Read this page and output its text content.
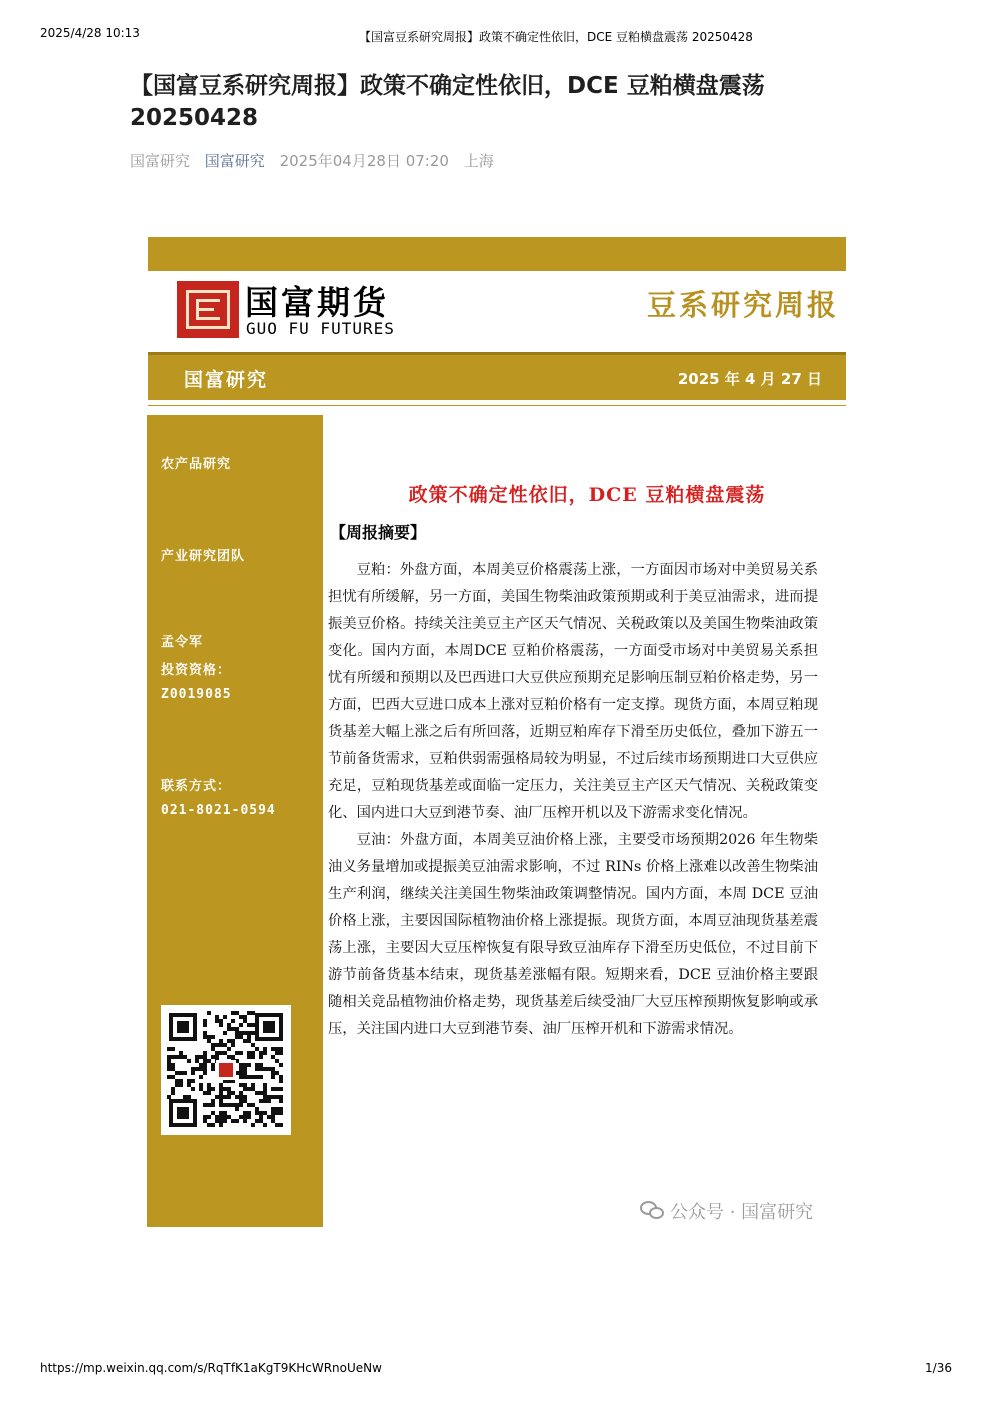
2025/4/28 10:13	【国富豆系研究周报】政策不确定性依旧，DCE 豆粕横盘震荡 20250428
【国富豆系研究周报】政策不确定性依旧，DCE 豆粕横盘震荡 20250428
国富研究 国富研究 2025年04月28日 07:20 上海
国富期货
GUO FU FUTURES
豆系研究周报
国富研究	2025 年 4 月 27 日
农产品研究
产业研究团队
孟令军
投资资格：
Z0019085
联系方式：
021-8021-0594
政策不确定性依旧，DCE 豆粕横盘震荡
【周报摘要】

豆粕：外盘方面，本周美豆价格震荡上涨，一方面因市场对中美贸易关系担忧有所缓解，另一方面，美国生物柴油政策预期或利于美豆油需求，进而提振美豆价格。持续关注美豆主产区天气情况、关税政策以及美国生物柴油政策变化。国内方面，本周DCE 豆粕价格震荡，一方面受市场对中美贸易关系担忧有所缓和预期以及巴西进口大豆供应预期充足影响压制豆粕价格走势，另一方面，巴西大豆进口成本上涨对豆粕价格有一定支撑。现货方面，本周豆粕现货基差大幅上涨之后有所回落，近期豆粕库存下滑至历史低位，叠加下游五一节前备货需求，豆粕供弱需强格局较为明显，不过后续市场预期进口大豆供应充足，豆粕现货基差或面临一定压力，关注美豆主产区天气情况、关税政策变化、国内进口大豆到港节奏、油厂压榨开机以及下游需求变化情况。

豆油：外盘方面，本周美豆油价格上涨，主要受市场预期2026 年生物柴油义务量增加或提振美豆油需求影响，不过 RINs 价格上涨难以改善生物柴油生产利润，继续关注美国生物柴油政策调整情况。国内方面，本周 DCE 豆油价格上涨，主要因国际植物油价格上涨提振。现货方面，本周豆油现货基差震荡上涨，主要因大豆压榨恢复有限导致豆油库存下滑至历史低位，不过目前下游节前备货基本结束，现货基差涨幅有限。短期来看，DCE 豆油价格主要跟随相关竞品植物油价格走势，现货基差后续受油厂大豆压榨预期恢复影响或承压，关注国内进口大豆到港节奏、油厂压榨开机和下游需求情况。

公众号 · 国富研究
https://mp.weixin.qq.com/s/RqTfK1aKgT9KHcWRnoUeNw	1/36
